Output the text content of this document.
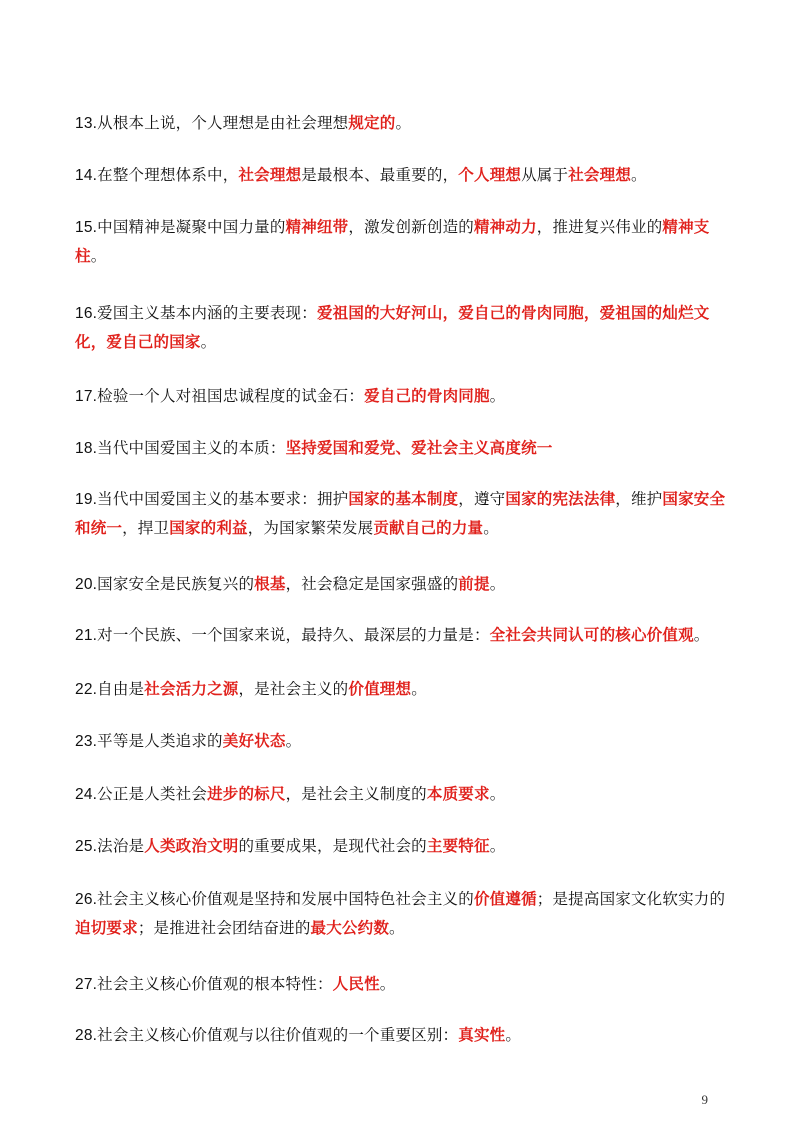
13.从根本上说，个人理想是由社会理想规定的。

14.在整个理想体系中，社会理想是最根本、最重要的，个人理想从属于社会理想。

15.中国精神是凝聚中国力量的精神纽带，激发创新创造的精神动力，推进复兴伟业的精神支柱。

16.爱国主义基本内涵的主要表现：爱祖国的大好河山，爱自己的骨肉同胞，爱祖国的灿烂文化，爱自己的国家。

17.检验一个人对祖国忠诚程度的试金石：爱自己的骨肉同胞。

18.当代中国爱国主义的本质：坚持爱国和爱党、爱社会主义高度统一

19.当代中国爱国主义的基本要求：拥护国家的基本制度，遵守国家的宪法法律，维护国家安全和统一，捍卫国家的利益，为国家繁荣发展贡献自己的力量。

20.国家安全是民族复兴的根基，社会稳定是国家强盛的前提。

21.对一个民族、一个国家来说，最持久、最深层的力量是：全社会共同认可的核心价值观。

22.自由是社会活力之源，是社会主义的价值理想。

23.平等是人类追求的美好状态。

24.公正是人类社会进步的标尺，是社会主义制度的本质要求。

25.法治是人类政治文明的重要成果，是现代社会的主要特征。

26.社会主义核心价值观是坚持和发展中国特色社会主义的价值遵循；是提高国家文化软实力的迫切要求；是推进社会团结奋进的最大公约数。

27.社会主义核心价值观的根本特性：人民性。

28.社会主义核心价值观与以往价值观的一个重要区别：真实性。

9
